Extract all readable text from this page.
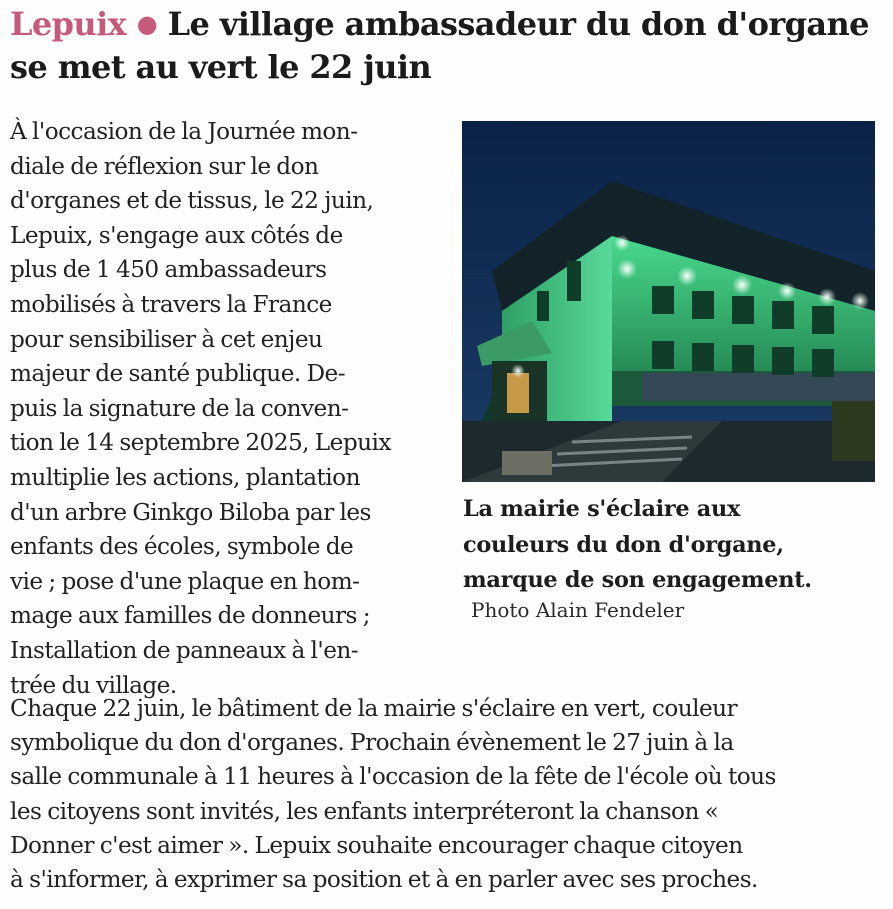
Lepuix ● Le village ambassadeur du don d'organe
se met au vert le 22 juin
À l'occasion de la Journée mon-
diale de réflexion sur le don
d'organes et de tissus, le 22 juin,
Lepuix, s'engage aux côtés de
plus de 1 450 ambassadeurs
mobilisés à travers la France
pour sensibiliser à cet enjeu
majeur de santé publique. De-
puis la signature de la conven-
tion le 14 septembre 2025, Lepuix
multiplie les actions, plantation
d'un arbre Ginkgo Biloba par les
enfants des écoles, symbole de
vie ; pose d'une plaque en hom-
mage aux familles de donneurs ;
Installation de panneaux à l'en-
trée du village.
La mairie s'éclaire aux
couleurs du don d'organe,
marque de son engagement.
Photo Alain Fendeler
Chaque 22 juin, le bâtiment de la mairie s'éclaire en vert, couleur
symbolique du don d'organes. Prochain évènement le 27 juin à la
salle communale à 11 heures à l'occasion de la fête de l'école où tous
les citoyens sont invités, les enfants interpréteront la chanson «
Donner c'est aimer ». Lepuix souhaite encourager chaque citoyen
à s'informer, à exprimer sa position et à en parler avec ses proches.
